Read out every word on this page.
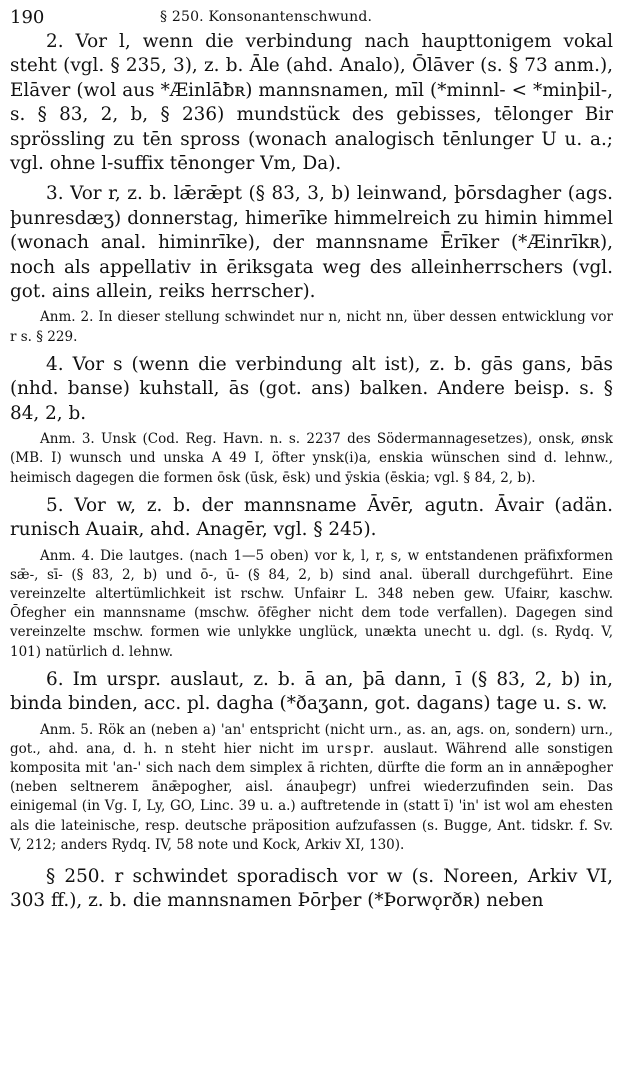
190	§ 250. Konsonantenschwund.

2. Vor l, wenn die verbindung nach haupttonigem vokal steht (vgl. § 235, 3), z. b. Āle (ahd. Analo), Ōlāver (s. § 73 anm.), Elāver (wol aus *Æinlāƀʀ) mannsnamen, mīl (*minnl- < *minþil-, s. § 83, 2, b, § 236) mundstück des gebisses, tēlonger Bir sprössling zu tēn spross (wonach analogisch tēnlunger U u. a.; vgl. ohne l-suffix tēnonger Vm, Da).

3. Vor r, z. b. lǣrǣpt (§ 83, 3, b) leinwand, þōrsdagher (ags. þunresdæʒ) donnerstag, himerīke himmelreich zu himin himmel (wonach anal. himinrīke), der mannsname Ērīker (*Æinrīkʀ), noch als appellativ in ēriksgata weg des alleinherrschers (vgl. got. ains allein, reiks herrscher).

Anm. 2. In dieser stellung schwindet nur n, nicht nn, über dessen entwicklung vor r s. § 229.

4. Vor s (wenn die verbindung alt ist), z. b. gās gans, bās (nhd. banse) kuhstall, ās (got. ans) balken. Andere beisp. s. § 84, 2, b.

Anm. 3. Unsk (Cod. Reg. Havn. n. s. 2237 des Södermannagesetzes), onsk, ønsk (MB. I) wunsch und unska A 49 I, öfter ynsk(i)a, enskia wünschen sind d. lehnw., heimisch dagegen die formen ōsk (ūsk, ēsk) und ȳskia (ēskia; vgl. § 84, 2, b).

5. Vor w, z. b. der mannsname Āvēr, agutn. Āvair (adän. runisch Auaiʀ, ahd. Anagēr, vgl. § 245).

Anm. 4. Die lautges. (nach 1—5 oben) vor k, l, r, s, w entstandenen präfixformen sǣ-, sī- (§ 83, 2, b) und ō-, ū- (§ 84, 2, b) sind anal. überall durchgeführt. Eine vereinzelte altertümlichkeit ist rschw. Unfaiʀr L. 348 neben gew. Ufaiʀr, kaschw. Ōfegher ein mannsname (mschw. ōfēgher nicht dem tode verfallen). Dagegen sind vereinzelte mschw. formen wie unlykke unglück, unækta unecht u. dgl. (s. Rydq. V, 101) natürlich d. lehnw.

6. Im urspr. auslaut, z. b. ā an, þā dann, ī (§ 83, 2, b) in, binda binden, acc. pl. dagha (*ðaʒann, got. dagans) tage u. s. w.

Anm. 5. Rök an (neben a) 'an' entspricht (nicht urn., as. an, ags. on, sondern) urn., got., ahd. ana, d. h. n steht hier nicht im urspr. auslaut. Während alle sonstigen komposita mit 'an-' sich nach dem simplex ā richten, dürfte die form an in annǣpogher (neben seltnerem ānǣpogher, aisl. ánauþegr) unfrei wiederzufinden sein. Das einigemal (in Vg. I, Ly, GO, Linc. 39 u. a.) auftretende in (statt ī) 'in' ist wol am ehesten als die lateinische, resp. deutsche präposition aufzufassen (s. Bugge, Ant. tidskr. f. Sv. V, 212; anders Rydq. IV, 58 note und Kock, Arkiv XI, 130).

§ 250. r schwindet sporadisch vor w (s. Noreen, Arkiv VI, 303 ff.), z. b. die mannsnamen Þōrþer (*Þorwǫrðʀ) neben
